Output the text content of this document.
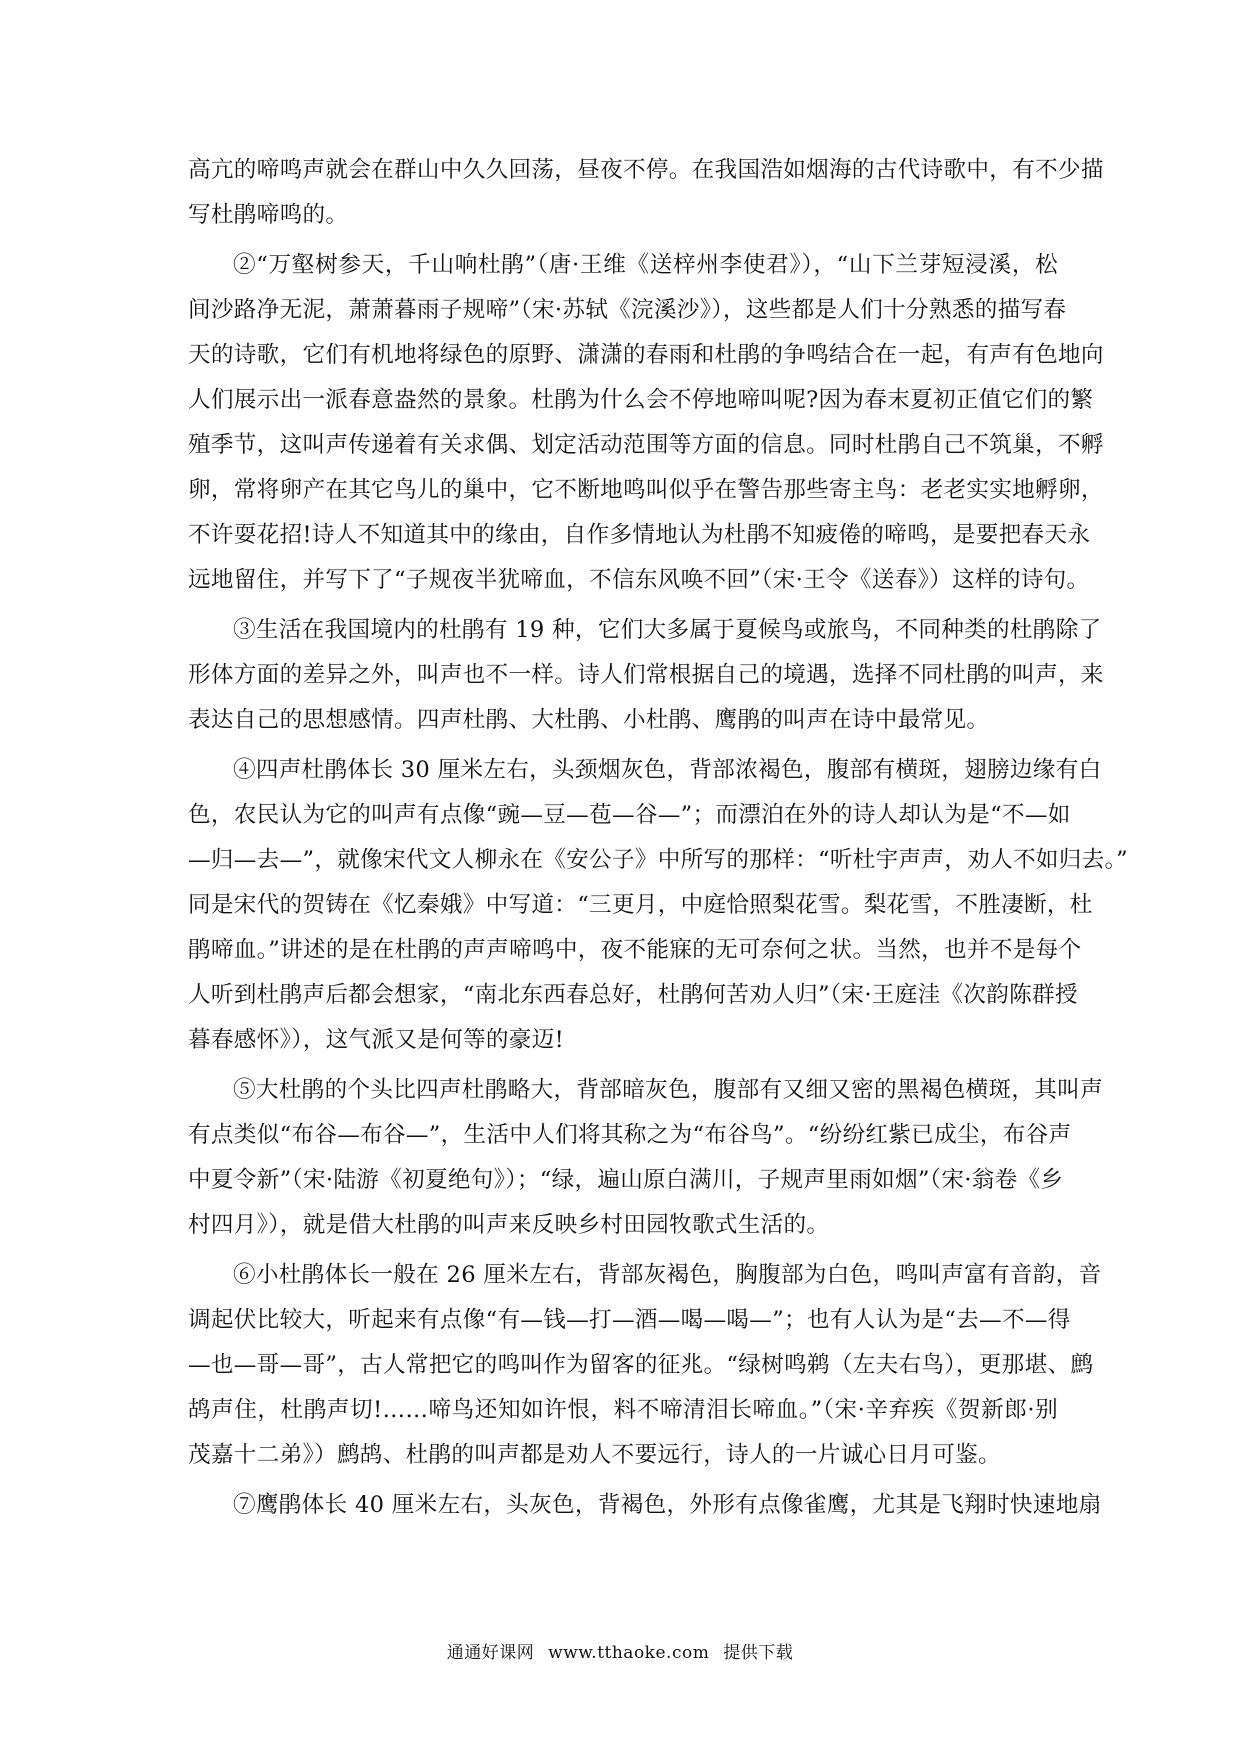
高亢的啼鸣声就会在群山中久久回荡，昼夜不停。在我国浩如烟海的古代诗歌中，有不少描
写杜鹃啼鸣的。

②“万壑树参天，千山响杜鹃”（唐·王维《送梓州李使君》），“山下兰芽短浸溪，松
间沙路净无泥，萧萧暮雨子规啼”（宋·苏轼《浣溪沙》），这些都是人们十分熟悉的描写春
天的诗歌，它们有机地将绿色的原野、潇潇的春雨和杜鹃的争鸣结合在一起，有声有色地向
人们展示出一派春意盎然的景象。杜鹃为什么会不停地啼叫呢?因为春末夏初正值它们的繁
殖季节，这叫声传递着有关求偶、划定活动范围等方面的信息。同时杜鹃自己不筑巢，不孵
卵，常将卵产在其它鸟儿的巢中，它不断地鸣叫似乎在警告那些寄主鸟：老老实实地孵卵，
不许耍花招!诗人不知道其中的缘由，自作多情地认为杜鹃不知疲倦的啼鸣，是要把春天永
远地留住，并写下了“子规夜半犹啼血，不信东风唤不回”（宋·王令《送春》）这样的诗句。

③生活在我国境内的杜鹃有 19 种，它们大多属于夏候鸟或旅鸟，不同种类的杜鹃除了
形体方面的差异之外，叫声也不一样。诗人们常根据自己的境遇，选择不同杜鹃的叫声，来
表达自己的思想感情。四声杜鹃、大杜鹃、小杜鹃、鹰鹃的叫声在诗中最常见。

④四声杜鹃体长 30 厘米左右，头颈烟灰色，背部浓褐色，腹部有横斑，翅膀边缘有白
色，农民认为它的叫声有点像“豌—豆—苞—谷—”；而漂泊在外的诗人却认为是“不—如
—归—去—”，就像宋代文人柳永在《安公子》中所写的那样：“听杜宇声声，劝人不如归去。”
同是宋代的贺铸在《忆秦娥》中写道：“三更月，中庭恰照梨花雪。梨花雪，不胜凄断，杜
鹃啼血。”讲述的是在杜鹃的声声啼鸣中，夜不能寐的无可奈何之状。当然，也并不是每个
人听到杜鹃声后都会想家，“南北东西春总好，杜鹃何苦劝人归”（宋·王庭洼《次韵陈群授
暮春感怀》），这气派又是何等的豪迈!

⑤大杜鹃的个头比四声杜鹃略大，背部暗灰色，腹部有又细又密的黑褐色横斑，其叫声
有点类似“布谷—布谷—”，生活中人们将其称之为“布谷鸟”。“纷纷红紫已成尘，布谷声
中夏令新”（宋·陆游《初夏绝句》）；“绿，遍山原白满川，子规声里雨如烟”（宋·翁卷《乡
村四月》），就是借大杜鹃的叫声来反映乡村田园牧歌式生活的。

⑥小杜鹃体长一般在 26 厘米左右，背部灰褐色，胸腹部为白色，鸣叫声富有音韵，音
调起伏比较大，听起来有点像“有—钱—打—酒—喝—喝—”；也有人认为是“去—不—得
—也—哥—哥”，古人常把它的鸣叫作为留客的征兆。“绿树鸣鹈（左夫右鸟），更那堪、鹧
鸪声住，杜鹃声切!……啼鸟还知如许恨，料不啼清泪长啼血。”（宋·辛弃疾《贺新郎·别
茂嘉十二弟》）鹧鸪、杜鹃的叫声都是劝人不要远行，诗人的一片诚心日月可鉴。

⑦鹰鹃体长 40 厘米左右，头灰色，背褐色，外形有点像雀鹰，尤其是飞翔时快速地扇

通通好课网 www.tthaoke.com 提供下载
